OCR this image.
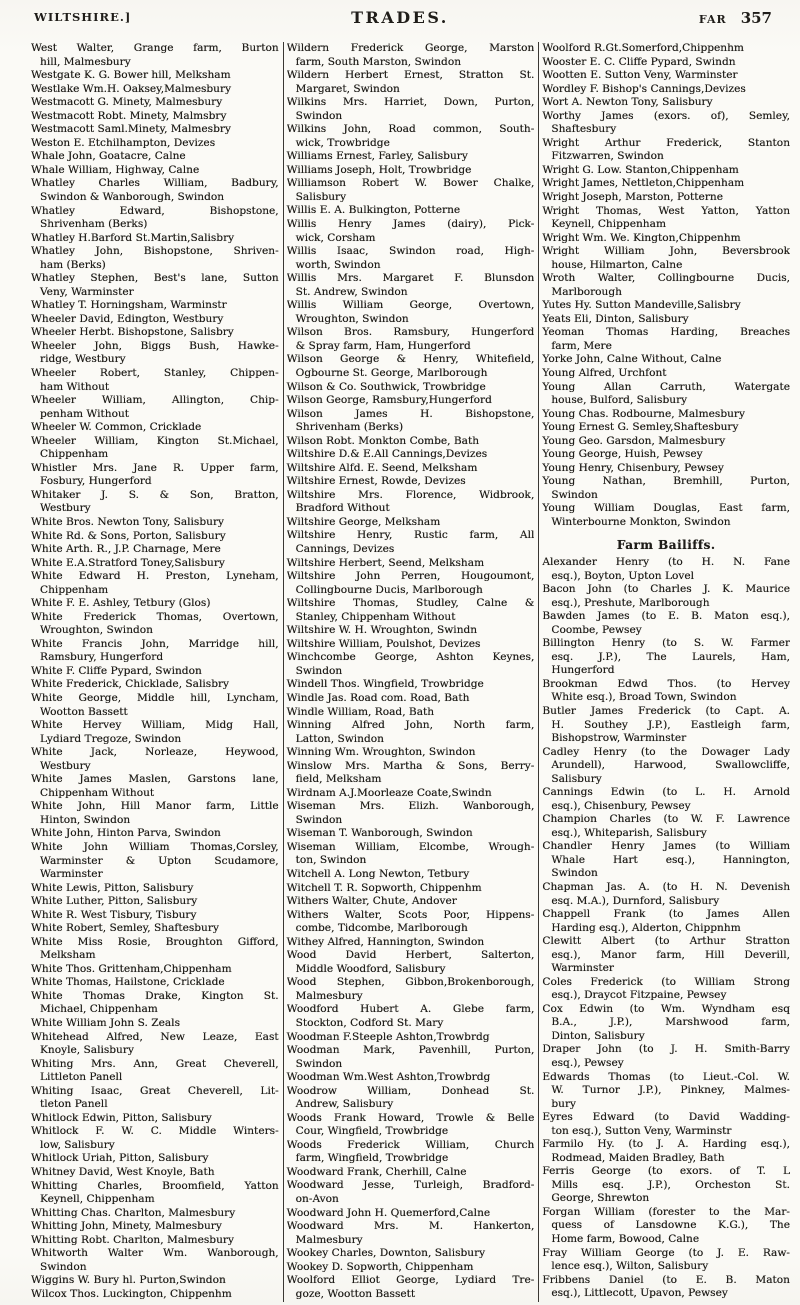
WILTSHIRE.]	TRADES.	FAR 357
West Walter, Grange farm, Burton
hill, Malmesbury
Westgate K. G. Bower hill, Melksham
Westlake Wm.H. Oaksey,Malmesbury
Westmacott G. Minety, Malmesbury
Westmacott Robt. Minety, Malmsbry
Westmacott Saml.Minety, Malmesbry
Weston E. Etchilhampton, Devizes
Whale John, Goatacre, Calne
Whale William, Highway, Calne
Whatley Charles William, Badbury,
Swindon & Wanborough, Swindon
Whatley Edward, Bishopstone,
Shrivenham (Berks)
Whatley H.Barford St.Martin,Salisbry
Whatley John, Bishopstone, Shriven-
ham (Berks)
Whatley Stephen, Best's lane, Sutton
Veny, Warminster
Whatley T. Horningsham, Warminstr
Wheeler David, Edington, Westbury
Wheeler Herbt. Bishopstone, Salisbry
Wheeler John, Biggs Bush, Hawke-
ridge, Westbury
Wheeler Robert, Stanley, Chippen-
ham Without
Wheeler William, Allington, Chip-
penham Without
Wheeler W. Common, Cricklade
Wheeler William, Kington St.Michael,
Chippenham
Whistler Mrs. Jane R. Upper farm,
Fosbury, Hungerford
Whitaker J. S. & Son, Bratton,
Westbury
White Bros. Newton Tony, Salisbury
White Rd. & Sons, Porton, Salisbury
White Arth. R., J.P. Charnage, Mere
White E.A.Stratford Toney,Salisbury
White Edward H. Preston, Lyneham,
Chippenham
White F. E. Ashley, Tetbury (Glos)
White Frederick Thomas, Overtown,
Wroughton, Swindon
White Francis John, Marridge hill,
Ramsbury, Hungerford
White F. Cliffe Pypard, Swindon
White Frederick, Chicklade, Salisbry
White George, Middle hill, Lyncham,
Wootton Bassett
White Hervey William, Midg Hall,
Lydiard Tregoze, Swindon
White Jack, Norleaze, Heywood,
Westbury
White James Maslen, Garstons lane,
Chippenham Without
White John, Hill Manor farm, Little
Hinton, Swindon
White John, Hinton Parva, Swindon
White John William Thomas,Corsley,
Warminster & Upton Scudamore,
Warminster
White Lewis, Pitton, Salisbury
White Luther, Pitton, Salisbury
White R. West Tisbury, Tisbury
White Robert, Semley, Shaftesbury
White Miss Rosie, Broughton Gifford,
Melksham
White Thos. Grittenham,Chippenham
White Thomas, Hailstone, Cricklade
White Thomas Drake, Kington St.
Michael, Chippenham
White William John S. Zeals
Whitehead Alfred, New Leaze, East
Knoyle, Salisbury
Whiting Mrs. Ann, Great Cheverell,
Littleton Panell
Whiting Isaac, Great Cheverell, Lit-
tleton Panell
Whitlock Edwin, Pitton, Salisbury
Whitlock F. W. C. Middle Winters-
low, Salisbury
Whitlock Uriah, Pitton, Salisbury
Whitney David, West Knoyle, Bath
Whitting Charles, Broomfield, Yatton
Keynell, Chippenham
Whitting Chas. Charlton, Malmesbury
Whitting John, Minety, Malmesbury
Whitting Robt. Charlton, Malmesbury
Whitworth Walter Wm. Wanborough,
Swindon
Wiggins W. Bury hl. Purton,Swindon
Wilcox Thos. Luckington, Chippenhm
Wildern Frederick George, Marston
farm, South Marston, Swindon
Wildern Herbert Ernest, Stratton St.
Margaret, Swindon
Wilkins Mrs. Harriet, Down, Purton,
Swindon
Wilkins John, Road common, South-
wick, Trowbridge
Williams Ernest, Farley, Salisbury
Williams Joseph, Holt, Trowbridge
Williamson Robert W. Bower Chalke,
Salisbury
Willis E. A. Bulkington, Potterne
Willis Henry James (dairy), Pick-
wick, Corsham
Willis Isaac, Swindon road, High-
worth, Swindon
Willis Mrs. Margaret F. Blunsdon
St. Andrew, Swindon
Willis William George, Overtown,
Wroughton, Swindon
Wilson Bros. Ramsbury, Hungerford
& Spray farm, Ham, Hungerford
Wilson George & Henry, Whitefield,
Ogbourne St. George, Marlborough
Wilson & Co. Southwick, Trowbridge
Wilson George, Ramsbury,Hungerford
Wilson James H. Bishopstone,
Shrivenham (Berks)
Wilson Robt. Monkton Combe, Bath
Wiltshire D.& E.All Cannings,Devizes
Wiltshire Alfd. E. Seend, Melksham
Wiltshire Ernest, Rowde, Devizes
Wiltshire Mrs. Florence, Widbrook,
Bradford Without
Wiltshire George, Melksham
Wiltshire Henry, Rustic farm, All
Cannings, Devizes
Wiltshire Herbert, Seend, Melksham
Wiltshire John Perren, Hougoumont,
Collingbourne Ducis, Marlborough
Wiltshire Thomas, Studley, Calne &
Stanley, Chippenham Without
Wiltshire W. H. Wroughton, Swindn
Wiltshire William, Poulshot, Devizes
Winchcombe George, Ashton Keynes,
Swindon
Windell Thos. Wingfield, Trowbridge
Windle Jas. Road com. Road, Bath
Windle William, Road, Bath
Winning Alfred John, North farm,
Latton, Swindon
Winning Wm. Wroughton, Swindon
Winslow Mrs. Martha & Sons, Berry-
field, Melksham
Wirdnam A.J.Moorleaze Coate,Swindn
Wiseman Mrs. Elizh. Wanborough,
Swindon
Wiseman T. Wanborough, Swindon
Wiseman William, Elcombe, Wrough-
ton, Swindon
Witchell A. Long Newton, Tetbury
Witchell T. R. Sopworth, Chippenhm
Withers Walter, Chute, Andover
Withers Walter, Scots Poor, Hippens-
combe, Tidcombe, Marlborough
Withey Alfred, Hannington, Swindon
Wood David Herbert, Salterton,
Middle Woodford, Salisbury
Wood Stephen, Gibbon,Brokenborough,
Malmesbury
Woodford Hubert A. Glebe farm,
Stockton, Codford St. Mary
Woodman F.Steeple Ashton,Trowbrdg
Woodman Mark, Pavenhill, Purton,
Swindon
Woodman Wm.West Ashton,Trowbrdg
Woodrow William, Donhead St.
Andrew, Salisbury
Woods Frank Howard, Trowle & Belle
Cour, Wingfield, Trowbridge
Woods Frederick William, Church
farm, Wingfield, Trowbridge
Woodward Frank, Cherhill, Calne
Woodward Jesse, Turleigh, Bradford-
on-Avon
Woodward John H. Quemerford,Calne
Woodward Mrs. M. Hankerton,
Malmesbury
Wookey Charles, Downton, Salisbury
Wookey D. Sopworth, Chippenham
Woolford Elliot George, Lydiard Tre-
goze, Wootton Bassett
Woolford R.Gt.Somerford,Chippenhm
Wooster E. C. Cliffe Pypard, Swindn
Wootten E. Sutton Veny, Warminster
Wordley F. Bishop's Cannings,Devizes
Wort A. Newton Tony, Salisbury
Worthy James (exors. of), Semley,
Shaftesbury
Wright Arthur Frederick, Stanton
Fitzwarren, Swindon
Wright G. Low. Stanton,Chippenham
Wright James, Nettleton,Chippenham
Wright Joseph, Marston, Potterne
Wright Thomas, West Yatton, Yatton
Keynell, Chippenham
Wright Wm. We. Kington,Chippenhm
Wright William John, Beversbrook
house, Hilmarton, Calne
Wroth Walter, Collingbourne Ducis,
Marlborough
Yutes Hy. Sutton Mandeville,Salisbry
Yeats Eli, Dinton, Salisbury
Yeoman Thomas Harding, Breaches
farm, Mere
Yorke John, Calne Without, Calne
Young Alfred, Urchfont
Young Allan Carruth, Watergate
house, Bulford, Salisbury
Young Chas. Rodbourne, Malmesbury
Young Ernest G. Semley,Shaftesbury
Young Geo. Garsdon, Malmesbury
Young George, Huish, Pewsey
Young Henry, Chisenbury, Pewsey
Young Nathan, Bremhill, Purton,
Swindon
Young William Douglas, East farm,
Winterbourne Monkton, Swindon
Farm Bailiffs.
Alexander Henry (to H. N. Fane
esq.), Boyton, Upton Lovel
Bacon John (to Charles J. K. Maurice
esq.), Preshute, Marlborough
Bawden James (to E. B. Maton esq.),
Coombe, Pewsey
Billington Henry (to S. W. Farmer
esq. J.P.), The Laurels, Ham,
Hungerford
Brookman Edwd Thos. (to Hervey
White esq.), Broad Town, Swindon
Butler James Frederick (to Capt. A.
H. Southey J.P.), Eastleigh farm,
Bishopstrow, Warminster
Cadley Henry (to the Dowager Lady
Arundell), Harwood, Swallowcliffe,
Salisbury
Cannings Edwin (to L. H. Arnold
esq.), Chisenbury, Pewsey
Champion Charles (to W. F. Lawrence
esq.), Whiteparish, Salisbury
Chandler Henry James (to William
Whale Hart esq.), Hannington,
Swindon
Chapman Jas. A. (to H. N. Devenish
esq. M.A.), Durnford, Salisbury
Chappell Frank (to James Allen
Harding esq.), Alderton, Chippnhm
Clewitt Albert (to Arthur Stratton
esq.), Manor farm, Hill Deverill,
Warminster
Coles Frederick (to William Strong
esq.), Draycot Fitzpaine, Pewsey
Cox Edwin (to Wm. Wyndham esq
B.A., J.P.), Marshwood farm,
Dinton, Salisbury
Draper John (to J. H. Smith-Barry
esq.), Pewsey
Edwards Thomas (to Lieut.-Col. W.
W. Turnor J.P.), Pinkney, Malmes-
bury
Eyres Edward (to David Wadding-
ton esq.), Sutton Veny, Warminstr
Farmilo Hy. (to J. A. Harding esq.),
Rodmead, Maiden Bradley, Bath
Ferris George (to exors. of T. L
Mills esq. J.P.), Orcheston St.
George, Shrewton
Forgan William (forester to the Mar-
quess of Lansdowne K.G.), The
Home farm, Bowood, Calne
Fray William George (to J. E. Raw-
lence esq.), Wilton, Salisbury
Fribbens Daniel (to E. B. Maton
esq.), Littlecott, Upavon, Pewsey
